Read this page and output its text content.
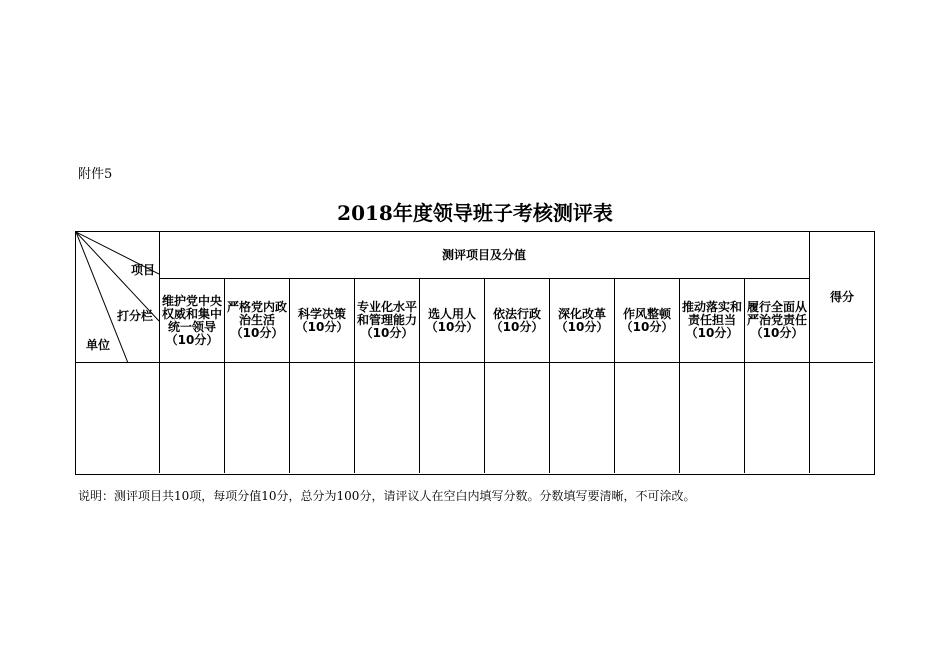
附件5
2018年度领导班子考核测评表
项目
打分栏
单位
测评项目及分值
得分
维护党中央权威和集中统一领导（10分）
严格党内政治生活（10分）
科学决策（10分）
专业化水平和管理能力（10分）
选人用人（10分）
依法行政（10分）
深化改革（10分）
作风整顿（10分）
推动落实和责任担当（10分）
履行全面从严治党责任（10分）
说明：测评项目共10项，每项分值10分，总分为100分，请评议人在空白内填写分数。分数填写要清晰，不可涂改。
